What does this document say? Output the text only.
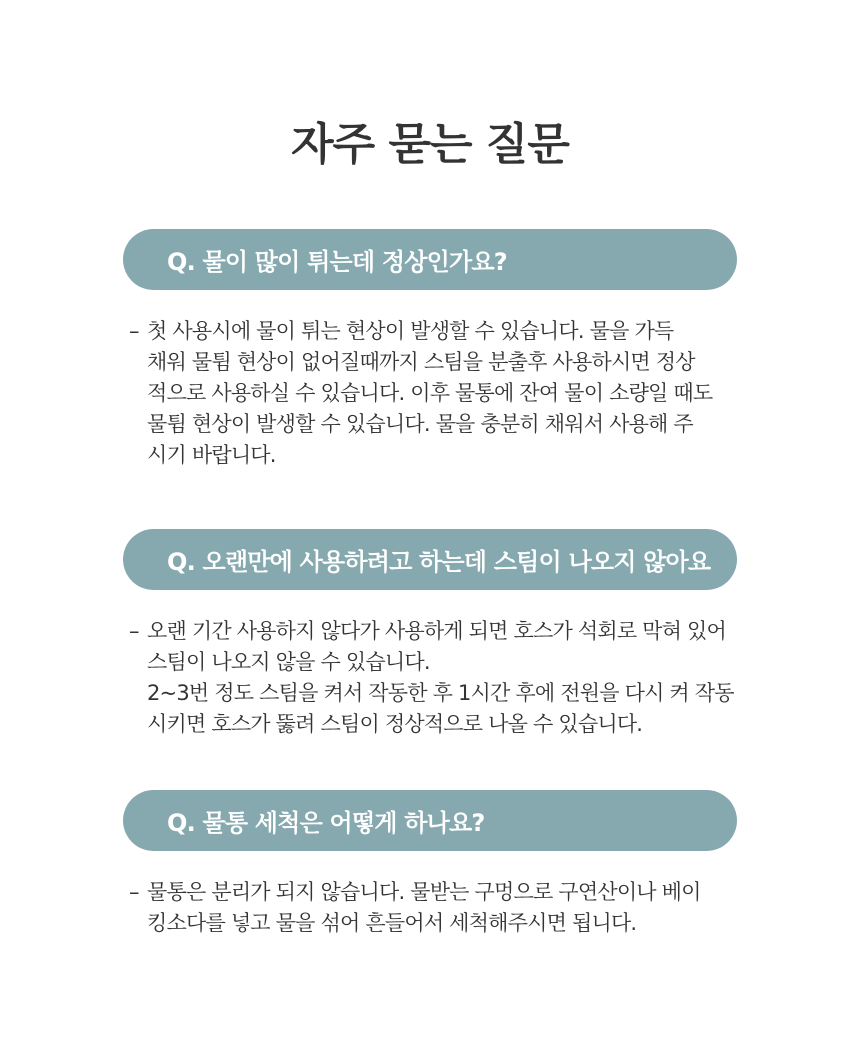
자주 묻는 질문
Q. 물이 많이 튀는데 정상인가요?
– 첫 사용시에 물이 튀는 현상이 발생할 수 있습니다. 물을 가득
채워 물튐 현상이 없어질때까지 스팀을 분출후 사용하시면 정상
적으로 사용하실 수 있습니다. 이후 물통에 잔여 물이 소량일 때도
물튐 현상이 발생할 수 있습니다. 물을 충분히 채워서 사용해 주
시기 바랍니다.
Q. 오랜만에 사용하려고 하는데 스팀이 나오지 않아요
– 오랜 기간 사용하지 않다가 사용하게 되면 호스가 석회로 막혀 있어
스팀이 나오지 않을 수 있습니다.
2~3번 정도 스팀을 켜서 작동한 후 1시간 후에 전원을 다시 켜 작동
시키면 호스가 뚫려 스팀이 정상적으로 나올 수 있습니다.
Q. 물통 세척은 어떻게 하나요?
– 물통은 분리가 되지 않습니다. 물받는 구멍으로 구연산이나 베이
킹소다를 넣고 물을 섞어 흔들어서 세척해주시면 됩니다.
